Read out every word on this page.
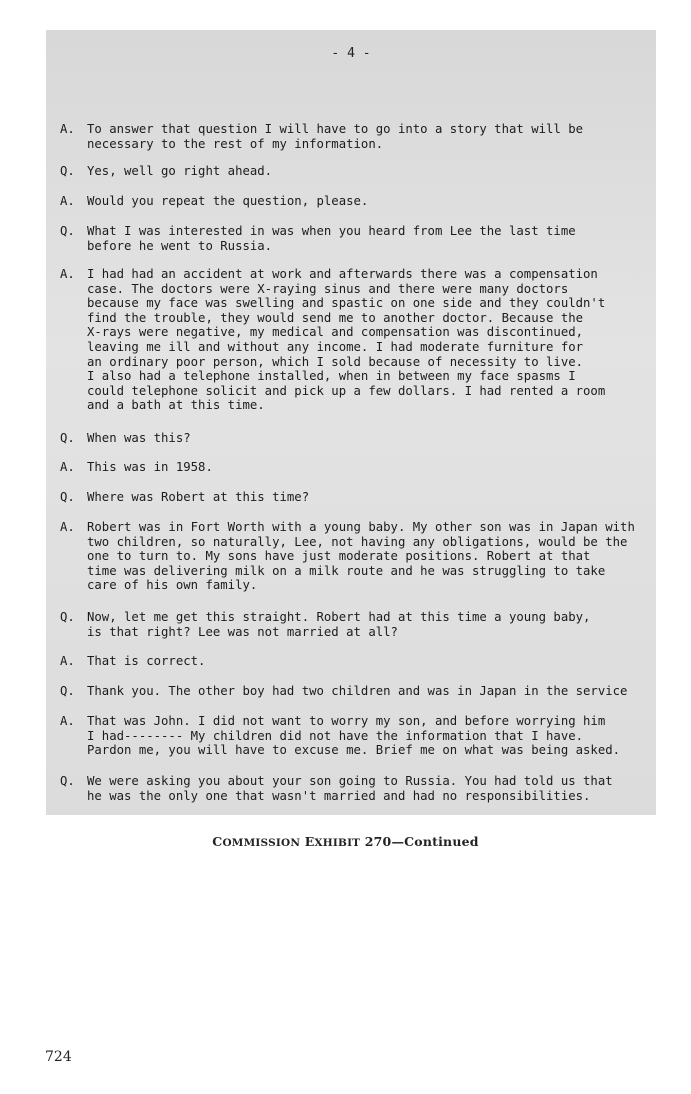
- 4 -
A. To answer that question I will have to go into a story that will be
necessary to the rest of my information.
Q. Yes, well go right ahead.
A. Would you repeat the question, please.
Q. What I was interested in was when you heard from Lee the last time
before he went to Russia.
A. I had had an accident at work and afterwards there was a compensation
case. The doctors were X-raying sinus and there were many doctors
because my face was swelling and spastic on one side and they couldn't
find the trouble, they would send me to another doctor. Because the
X-rays were negative, my medical and compensation was discontinued,
leaving me ill and without any income. I had moderate furniture for
an ordinary poor person, which I sold because of necessity to live.
I also had a telephone installed, when in between my face spasms I
could telephone solicit and pick up a few dollars. I had rented a room
and a bath at this time.
Q. When was this?
A. This was in 1958.
Q. Where was Robert at this time?
A. Robert was in Fort Worth with a young baby. My other son was in Japan with
two children, so naturally, Lee, not having any obligations, would be the
one to turn to. My sons have just moderate positions. Robert at that
time was delivering milk on a milk route and he was struggling to take
care of his own family.
Q. Now, let me get this straight. Robert had at this time a young baby,
is that right? Lee was not married at all?
A. That is correct.
Q. Thank you. The other boy had two children and was in Japan in the service
A. That was John. I did not want to worry my son, and before worrying him
I had-------- My children did not have the information that I have.
Pardon me, you will have to excuse me. Brief me on what was being asked.
Q. We were asking you about your son going to Russia. You had told us that
he was the only one that wasn't married and had no responsibilities.
COMMISSION EXHIBIT 270—Continued
724
